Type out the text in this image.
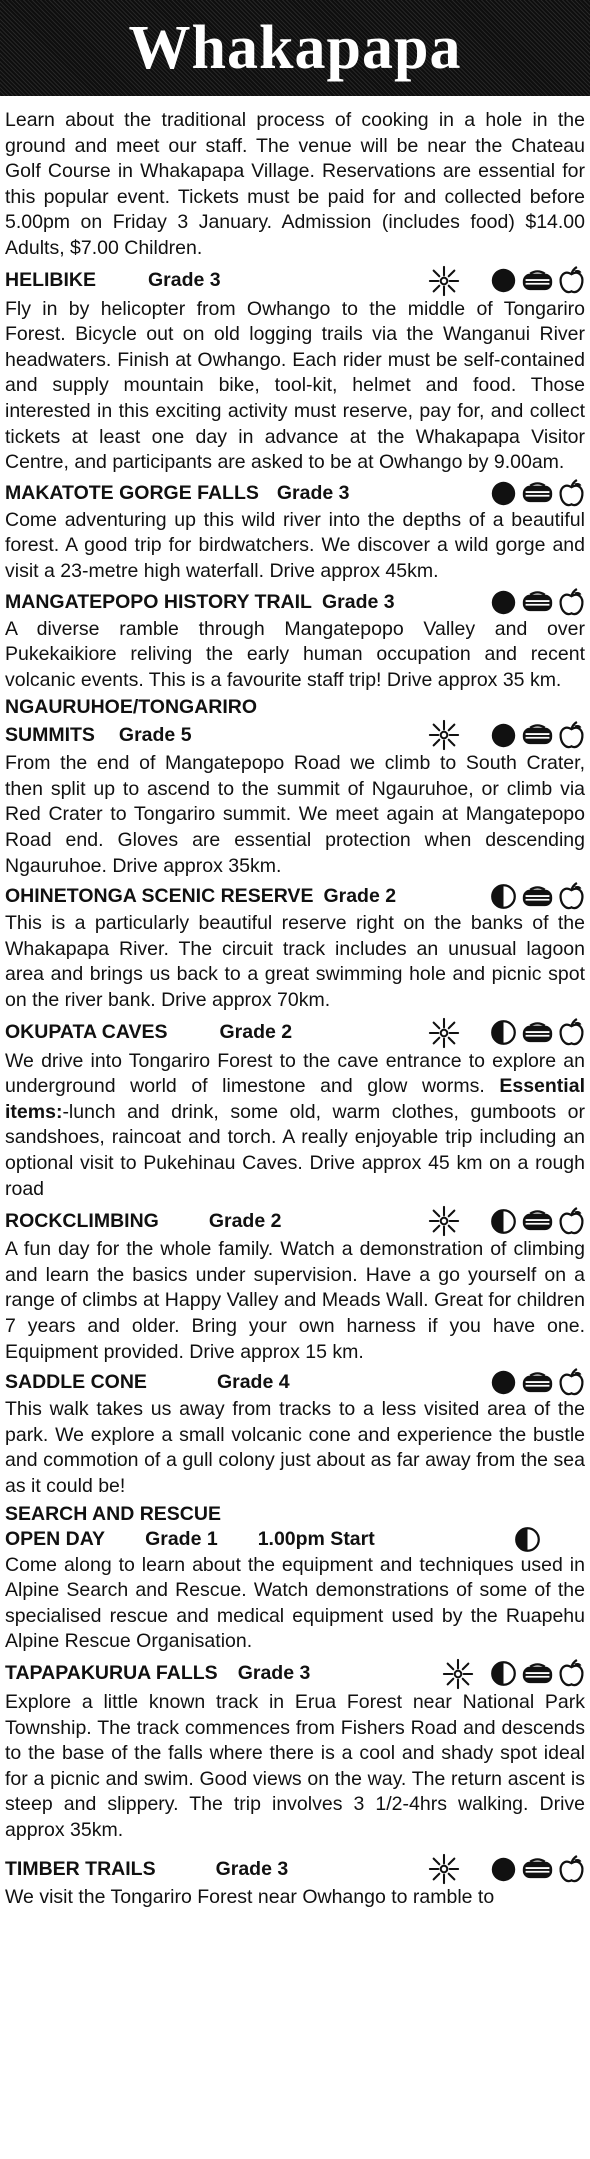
Whakapapa

Learn about the traditional process of cooking in a hole in the ground and meet our staff. The venue will be near the Chateau Golf Course in Whakapapa Village. Reservations are essential for this popular event. Tickets must be paid for and collected before 5.00pm on Friday 3 January. Admission (includes food) $14.00 Adults, $7.00 Children.

HELIBIKE	Grade 3

Fly in by helicopter from Owhango to the middle of Tongariro Forest. Bicycle out on old logging trails via the Wanganui River headwaters. Finish at Owhango. Each rider must be self-contained and supply mountain bike, tool-kit, helmet and food. Those interested in this exciting activity must reserve, pay for, and collect tickets at least one day in advance at the Whakapapa Visitor Centre, and participants are asked to be at Owhango by 9.00am.

MAKATOTE GORGE FALLS Grade 3

Come adventuring up this wild river into the depths of a beautiful forest. A good trip for birdwatchers. We discover a wild gorge and visit a 23-metre high waterfall. Drive approx 45km.

MANGATEPOPO HISTORY TRAIL Grade 3

A diverse ramble through Mangatepopo Valley and over Pukekaikiore reliving the early human occupation and recent volcanic events. This is a favourite staff trip! Drive approx 35 km.

NGAURUHOE/TONGARIRO
SUMMITS Grade 5

From the end of Mangatepopo Road we climb to South Crater, then split up to ascend to the summit of Ngauruhoe, or climb via Red Crater to Tongariro summit. We meet again at Mangatepopo Road end. Gloves are essential protection when descending Ngauruhoe. Drive approx 35km.

OHINETONGA SCENIC RESERVE Grade 2

This is a particularly beautiful reserve right on the banks of the Whakapapa River. The circuit track includes an unusual lagoon area and brings us back to a great swimming hole and picnic spot on the river bank. Drive approx 70km.

OKUPATA CAVES	Grade 2

We drive into Tongariro Forest to the cave entrance to explore an underground world of limestone and glow worms. Essential items:-lunch and drink, some old, warm clothes, gumboots or sandshoes, raincoat and torch. A really enjoyable trip including an optional visit to Pukehinau Caves. Drive approx 45 km on a rough road

ROCKCLIMBING	Grade 2

A fun day for the whole family. Watch a demonstration of climbing and learn the basics under supervision. Have a go yourself on a range of climbs at Happy Valley and Meads Wall. Great for children 7 years and older. Bring your own harness if you have one. Equipment provided. Drive approx 15 km.

SADDLE CONE	Grade 4

This walk takes us away from tracks to a less visited area of the park. We explore a small volcanic cone and experience the bustle and commotion of a gull colony just about as far away from the sea as it could be!

SEARCH AND RESCUE
OPEN DAY Grade 1 1.00pm Start

Come along to learn about the equipment and techniques used in Alpine Search and Rescue. Watch demonstrations of some of the specialised rescue and medical equipment used by the Ruapehu Alpine Rescue Organisation.

TAPAPAKURUA FALLS Grade 3

Explore a little known track in Erua Forest near National Park Township. The track commences from Fishers Road and descends to the base of the falls where there is a cool and shady spot ideal for a picnic and swim. Good views on the way. The return ascent is steep and slippery. The trip involves 3 1/2-4hrs walking. Drive approx 35km.

TIMBER TRAILS	Grade 3

We visit the Tongariro Forest near Owhango to ramble to
